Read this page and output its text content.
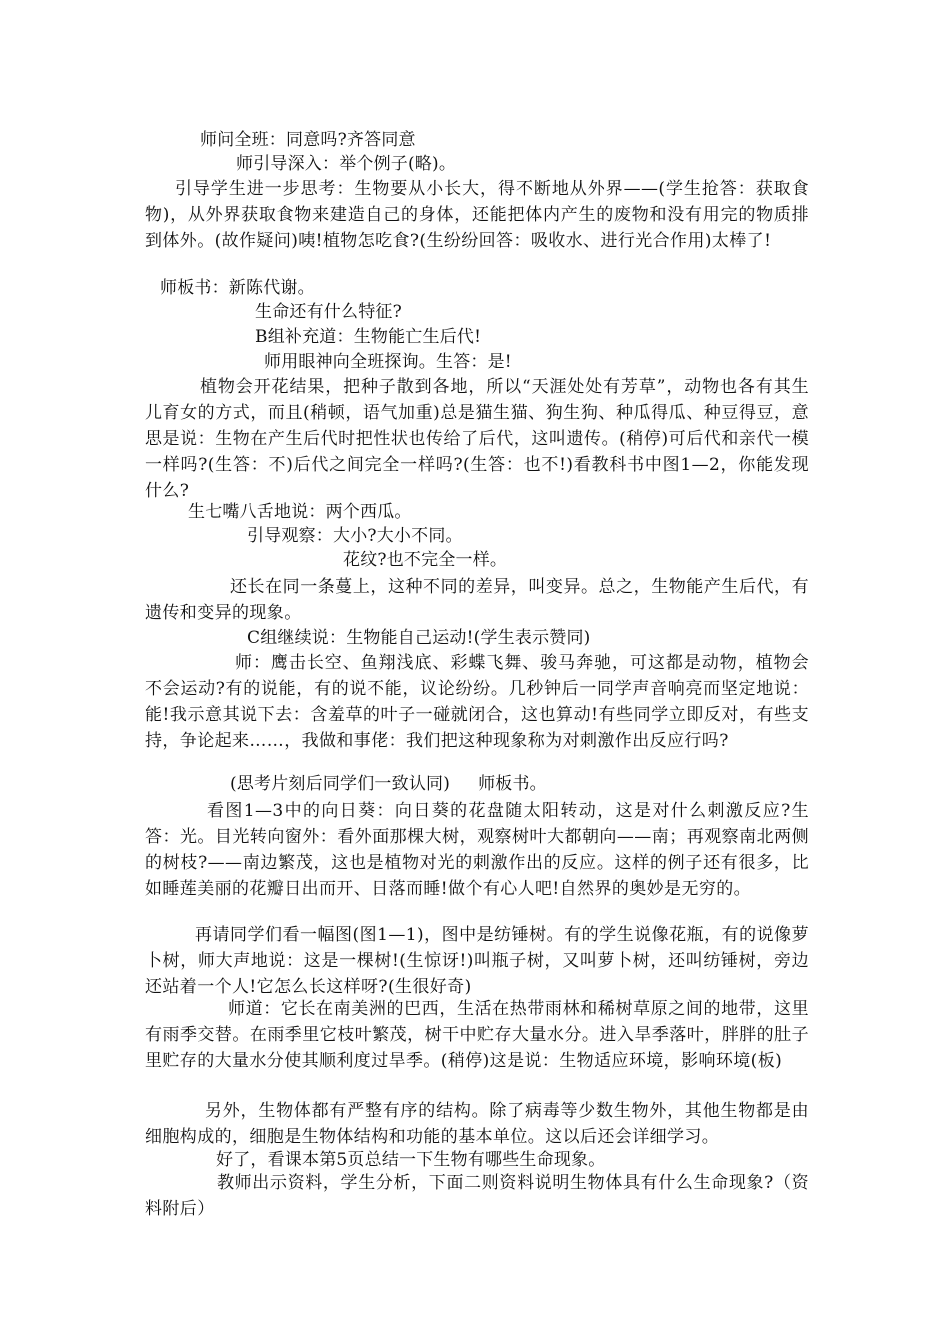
师问全班：同意吗?齐答同意
师引导深入：举个例子(略)。
引导学生进一步思考：生物要从小长大，得不断地从外界——(学生抢答：获取食物)，从外界获取食物来建造自己的身体，还能把体内产生的废物和没有用完的物质排到体外。(故作疑问)咦!植物怎吃食?(生纷纷回答：吸收水、进行光合作用)太棒了!
师板书：新陈代谢。
生命还有什么特征?
B组补充道：生物能亡生后代!
师用眼神向全班探询。生答：是!
植物会开花结果，把种子散到各地，所以“天涯处处有芳草”，动物也各有其生儿育女的方式，而且(稍顿，语气加重)总是猫生猫、狗生狗、种瓜得瓜、种豆得豆，意思是说：生物在产生后代时把性状也传给了后代，这叫遗传。(稍停)可后代和亲代一模一样吗?(生答：不)后代之间完全一样吗?(生答：也不!)看教科书中图1—2，你能发现什么?
生七嘴八舌地说：两个西瓜。
引导观察：大小?大小不同。
花纹?也不完全一样。
还长在同一条蔓上，这种不同的差异，叫变异。总之，生物能产生后代，有遗传和变异的现象。
C组继续说：生物能自己运动!(学生表示赞同)
师：鹰击长空、鱼翔浅底、彩蝶飞舞、骏马奔驰，可这都是动物，植物会不会运动?有的说能，有的说不能，议论纷纷。几秒钟后一同学声音响亮而坚定地说：能!我示意其说下去：含羞草的叶子一碰就闭合，这也算动!有些同学立即反对，有些支持，争论起来……，我做和事佬：我们把这种现象称为对刺激作出反应行吗?
(思考片刻后同学们一致认同)     师板书。
看图1—3中的向日葵：向日葵的花盘随太阳转动，这是对什么刺激反应?生答：光。目光转向窗外：看外面那棵大树，观察树叶大都朝向——南；再观察南北两侧的树枝?——南边繁茂，这也是植物对光的刺激作出的反应。这样的例子还有很多，比如睡莲美丽的花瓣日出而开、日落而睡!做个有心人吧!自然界的奥妙是无穷的。
再请同学们看一幅图(图1—1)，图中是纺锤树。有的学生说像花瓶，有的说像萝卜树，师大声地说：这是一棵树!(生惊讶!)叫瓶子树，又叫萝卜树，还叫纺锤树，旁边还站着一个人!它怎么长这样呀?(生很好奇)
师道：它长在南美洲的巴西，生活在热带雨林和稀树草原之间的地带，这里有雨季交替。在雨季里它枝叶繁茂，树干中贮存大量水分。进入旱季落叶，胖胖的肚子里贮存的大量水分使其顺利度过旱季。(稍停)这是说：生物适应环境，影响环境(板)
另外，生物体都有严整有序的结构。除了病毒等少数生物外，其他生物都是由细胞构成的，细胞是生物体结构和功能的基本单位。这以后还会详细学习。
好了，看课本第5页总结一下生物有哪些生命现象。
教师出示资料，学生分析，下面二则资料说明生物体具有什么生命现象?（资料附后）
